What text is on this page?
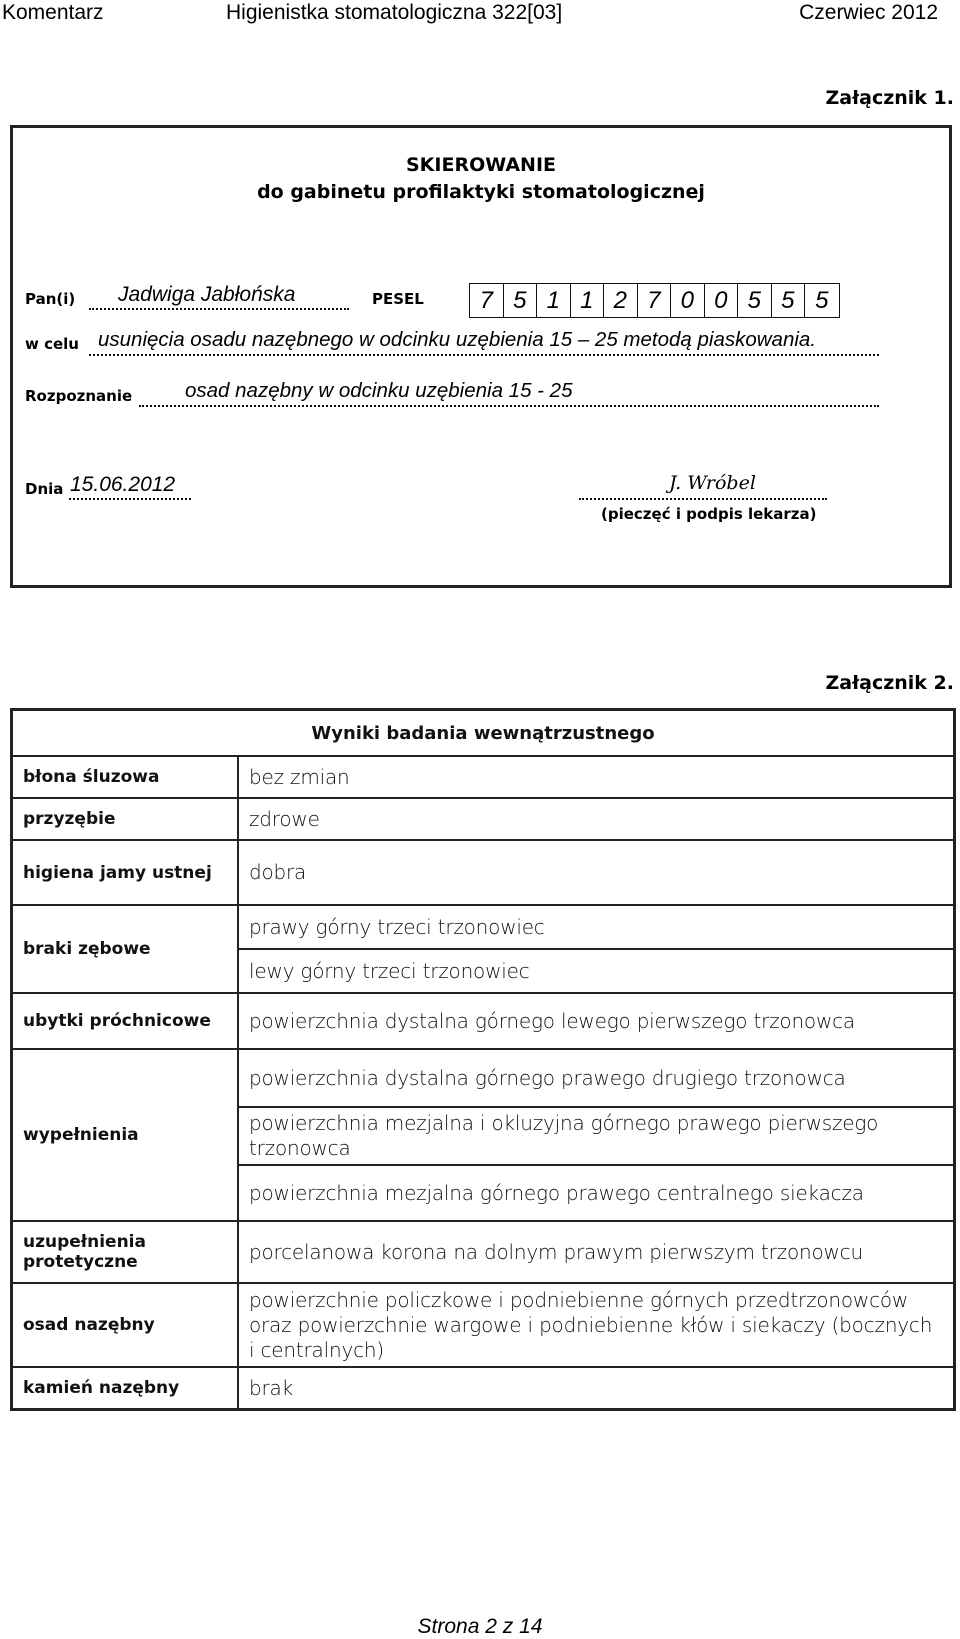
Komentarz	Higienistka stomatologiczna 322[03]	Czerwiec 2012
Załącznik 1.
SKIEROWANIE
do gabinetu profilaktyki stomatologicznej
Pan(i) Jadwiga Jabłońska	PESEL	7 5 1 1 2 7 0 0 5 5 5
w celu usunięcia osadu nazębnego w odcinku uzębienia 15 – 25 metodą piaskowania.
Rozpoznanie	osad nazębny w odcinku uzębienia 15 - 25
Dnia 15.06.2012	J. Wróbel
(pieczęć i podpis lekarza)
Załącznik 2.
Wyniki badania wewnątrzustnego	
błona śluzowa	bez zmian
przyzębie	zdrowe
higiena jamy ustnej	dobra
braki zębowe	prawy górny trzeci trzonowiec
	lewy górny trzeci trzonowiec
ubytki próchnicowe	powierzchnia dystalna górnego lewego pierwszego trzonowca
wypełnienia	powierzchnia dystalna górnego prawego drugiego trzonowca
	powierzchnia mezjalna i okluzyjna górnego prawego pierwszego trzonowca
	powierzchnia mezjalna górnego prawego centralnego siekacza
uzupełnienia protetyczne	porcelanowa korona na dolnym prawym pierwszym trzonowcu
osad nazębny	powierzchnie policzkowe i podniebienne górnych przedtrzonowców oraz powierzchnie wargowe i podniebienne kłów i siekaczy (bocznych i centralnych)
kamień nazębny	brak
Strona 2 z 14
